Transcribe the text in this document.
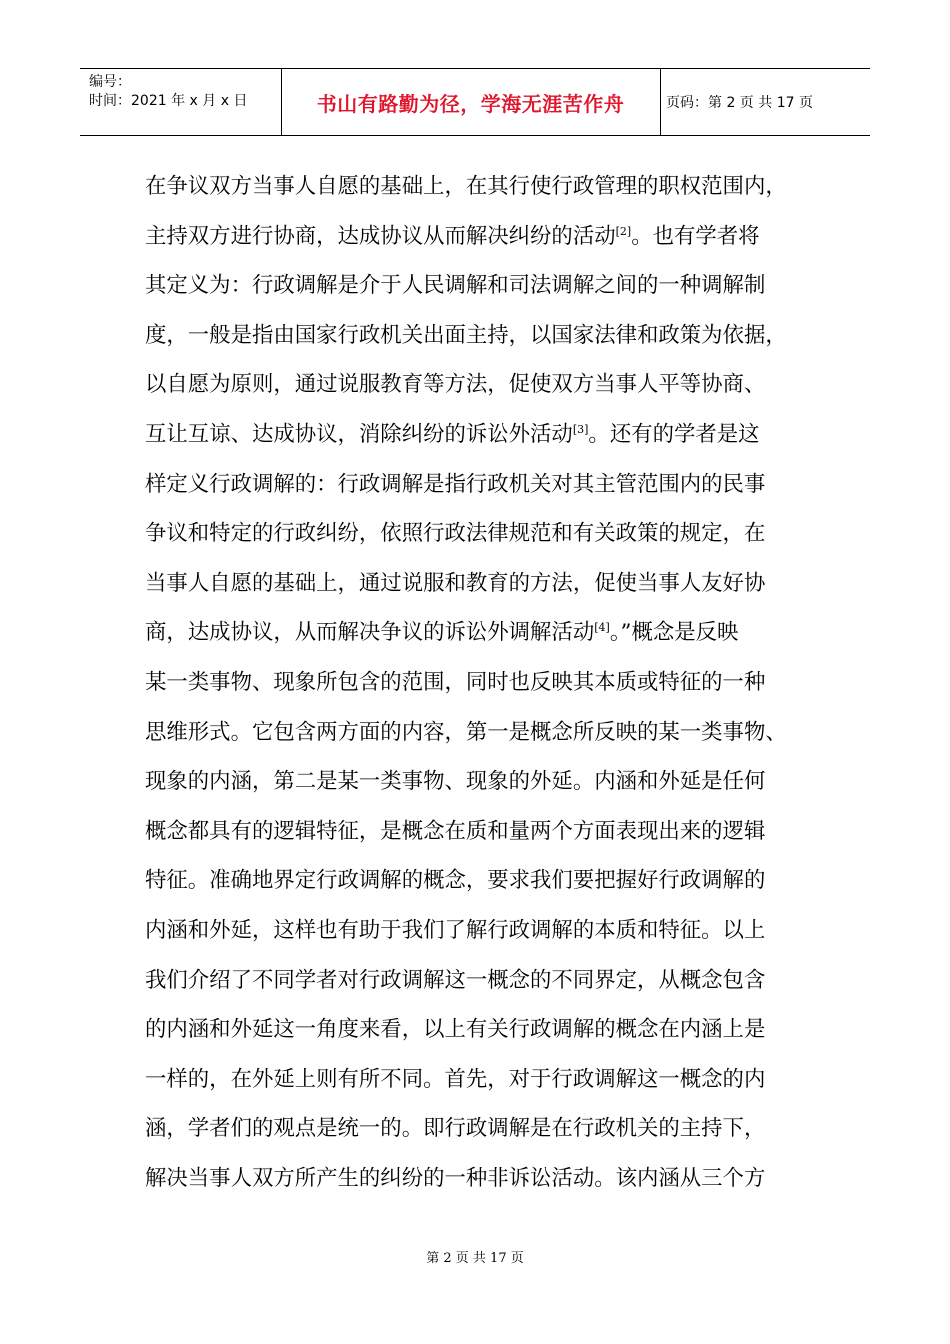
编号：
时间：2021 年 x 月 x 日	书山有路勤为径，学海无涯苦作舟	页码：第 2 页 共 17 页
在争议双方当事人自愿的基础上，在其行使行政管理的职权范围内，
主持双方进行协商，达成协议从而解决纠纷的活动[2]。也有学者将
其定义为：行政调解是介于人民调解和司法调解之间的一种调解制
度，一般是指由国家行政机关出面主持，以国家法律和政策为依据，
以自愿为原则，通过说服教育等方法，促使双方当事人平等协商、
互让互谅、达成协议，消除纠纷的诉讼外活动[3]。还有的学者是这
样定义行政调解的：行政调解是指行政机关对其主管范围内的民事
争议和特定的行政纠纷，依照行政法律规范和有关政策的规定，在
当事人自愿的基础上，通过说服和教育的方法，促使当事人友好协
商，达成协议，从而解决争议的诉讼外调解活动[4]。”概念是反映
某一类事物、现象所包含的范围，同时也反映其本质或特征的一种
思维形式。它包含两方面的内容，第一是概念所反映的某一类事物、
现象的内涵，第二是某一类事物、现象的外延。内涵和外延是任何
概念都具有的逻辑特征，是概念在质和量两个方面表现出来的逻辑
特征。准确地界定行政调解的概念，要求我们要把握好行政调解的
内涵和外延，这样也有助于我们了解行政调解的本质和特征。以上
我们介绍了不同学者对行政调解这一概念的不同界定，从概念包含
的内涵和外延这一角度来看，以上有关行政调解的概念在内涵上是
一样的，在外延上则有所不同。首先，对于行政调解这一概念的内
涵，学者们的观点是统一的。即行政调解是在行政机关的主持下，
解决当事人双方所产生的纠纷的一种非诉讼活动。该内涵从三个方
第 2 页 共 17 页
